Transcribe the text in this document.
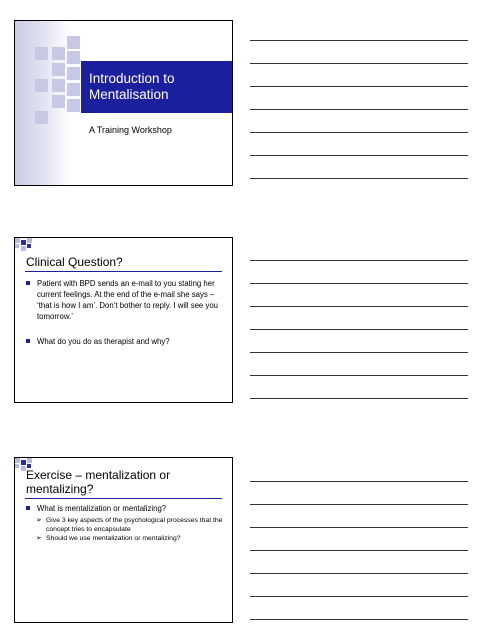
Introduction to
Mentalisation
A Training Workshop
Clinical Question?
Patient with BPD sends an e-mail to you stating her current feelings. At the end of the e-mail she says – ‘that is how I am’. Don’t bother to reply. I will see you tomorrow.’
What do you do as therapist and why?
Exercise – mentalization or mentalizing?
What is mentalization or mentalizing?
➢ Give 3 key aspects of the psychological processes that the concept tries to encapsulate
➢ Should we use mentalization or mentalizing?
